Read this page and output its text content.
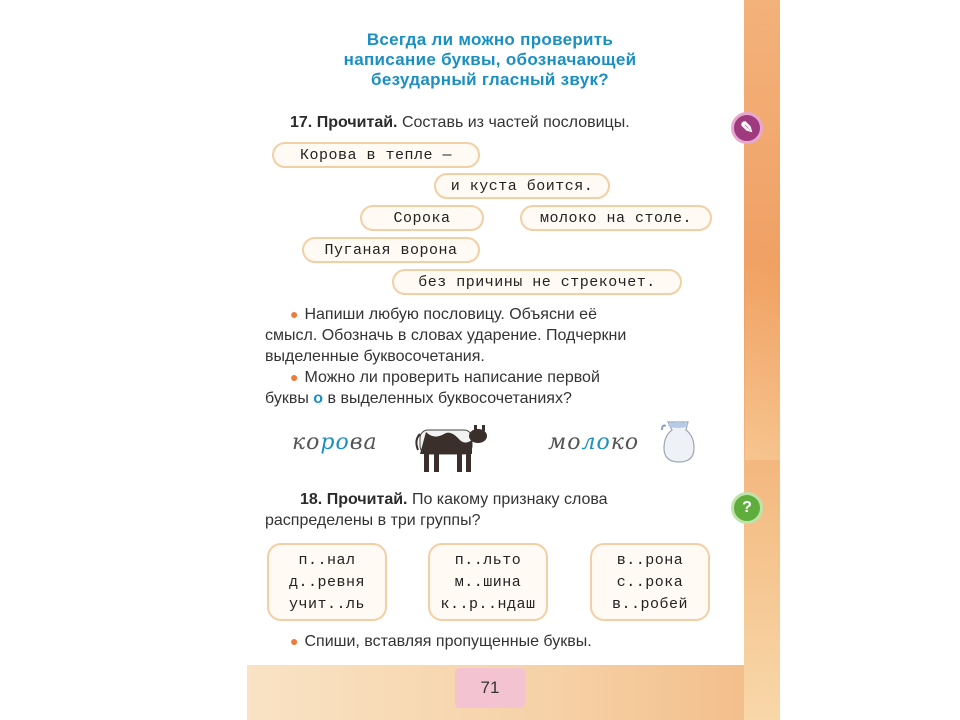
Всегда ли можно проверить
написание буквы, обозначающей
безударный гласный звук?
17. Прочитай. Составь из частей пословицы.	✎
Корова в тепле —
и куста боится.
Сорока	молоко на столе.
Пуганая ворона
без причины не стрекочет.
● Напиши любую пословицу. Объясни её
смысл. Обозначь в словах ударение. Подчеркни
выделенные буквосочетания.
● Можно ли проверить написание первой
буквы о в выделенных буквосочетаниях?
корова	молоко
?
18. Прочитай. По какому признаку слова
распределены в три группы?
п..нал
д..ревня
учит..ль
п..льто
м..шина
к..р..ндаш
в..рона
с..рока
в..робей
● Спиши, вставляя пропущенные буквы.
71
